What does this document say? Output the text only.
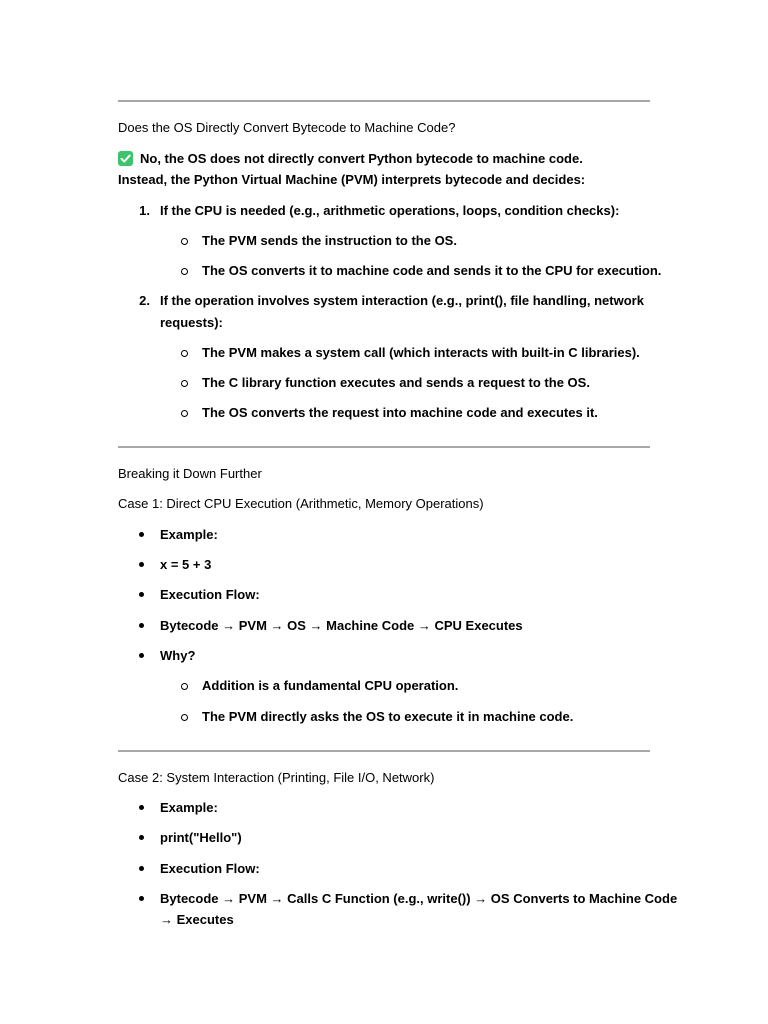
Does the OS Directly Convert Bytecode to Machine Code?
No, the OS does not directly convert Python bytecode to machine code.
Instead, the Python Virtual Machine (PVM) interprets bytecode and decides:
1. If the CPU is needed (e.g., arithmetic operations, loops, condition checks):
The PVM sends the instruction to the OS.
The OS converts it to machine code and sends it to the CPU for execution.
2. If the operation involves system interaction (e.g., print(), file handling, network
requests):
The PVM makes a system call (which interacts with built-in C libraries).
The C library function executes and sends a request to the OS.
The OS converts the request into machine code and executes it.
Breaking it Down Further
Case 1: Direct CPU Execution (Arithmetic, Memory Operations)
Example:
x = 5 + 3
Execution Flow:
Bytecode → PVM → OS → Machine Code → CPU Executes
Why?
Addition is a fundamental CPU operation.
The PVM directly asks the OS to execute it in machine code.
Case 2: System Interaction (Printing, File I/O, Network)
Example:
print("Hello")
Execution Flow:
Bytecode → PVM → Calls C Function (e.g., write()) → OS Converts to Machine Code
→ Executes
